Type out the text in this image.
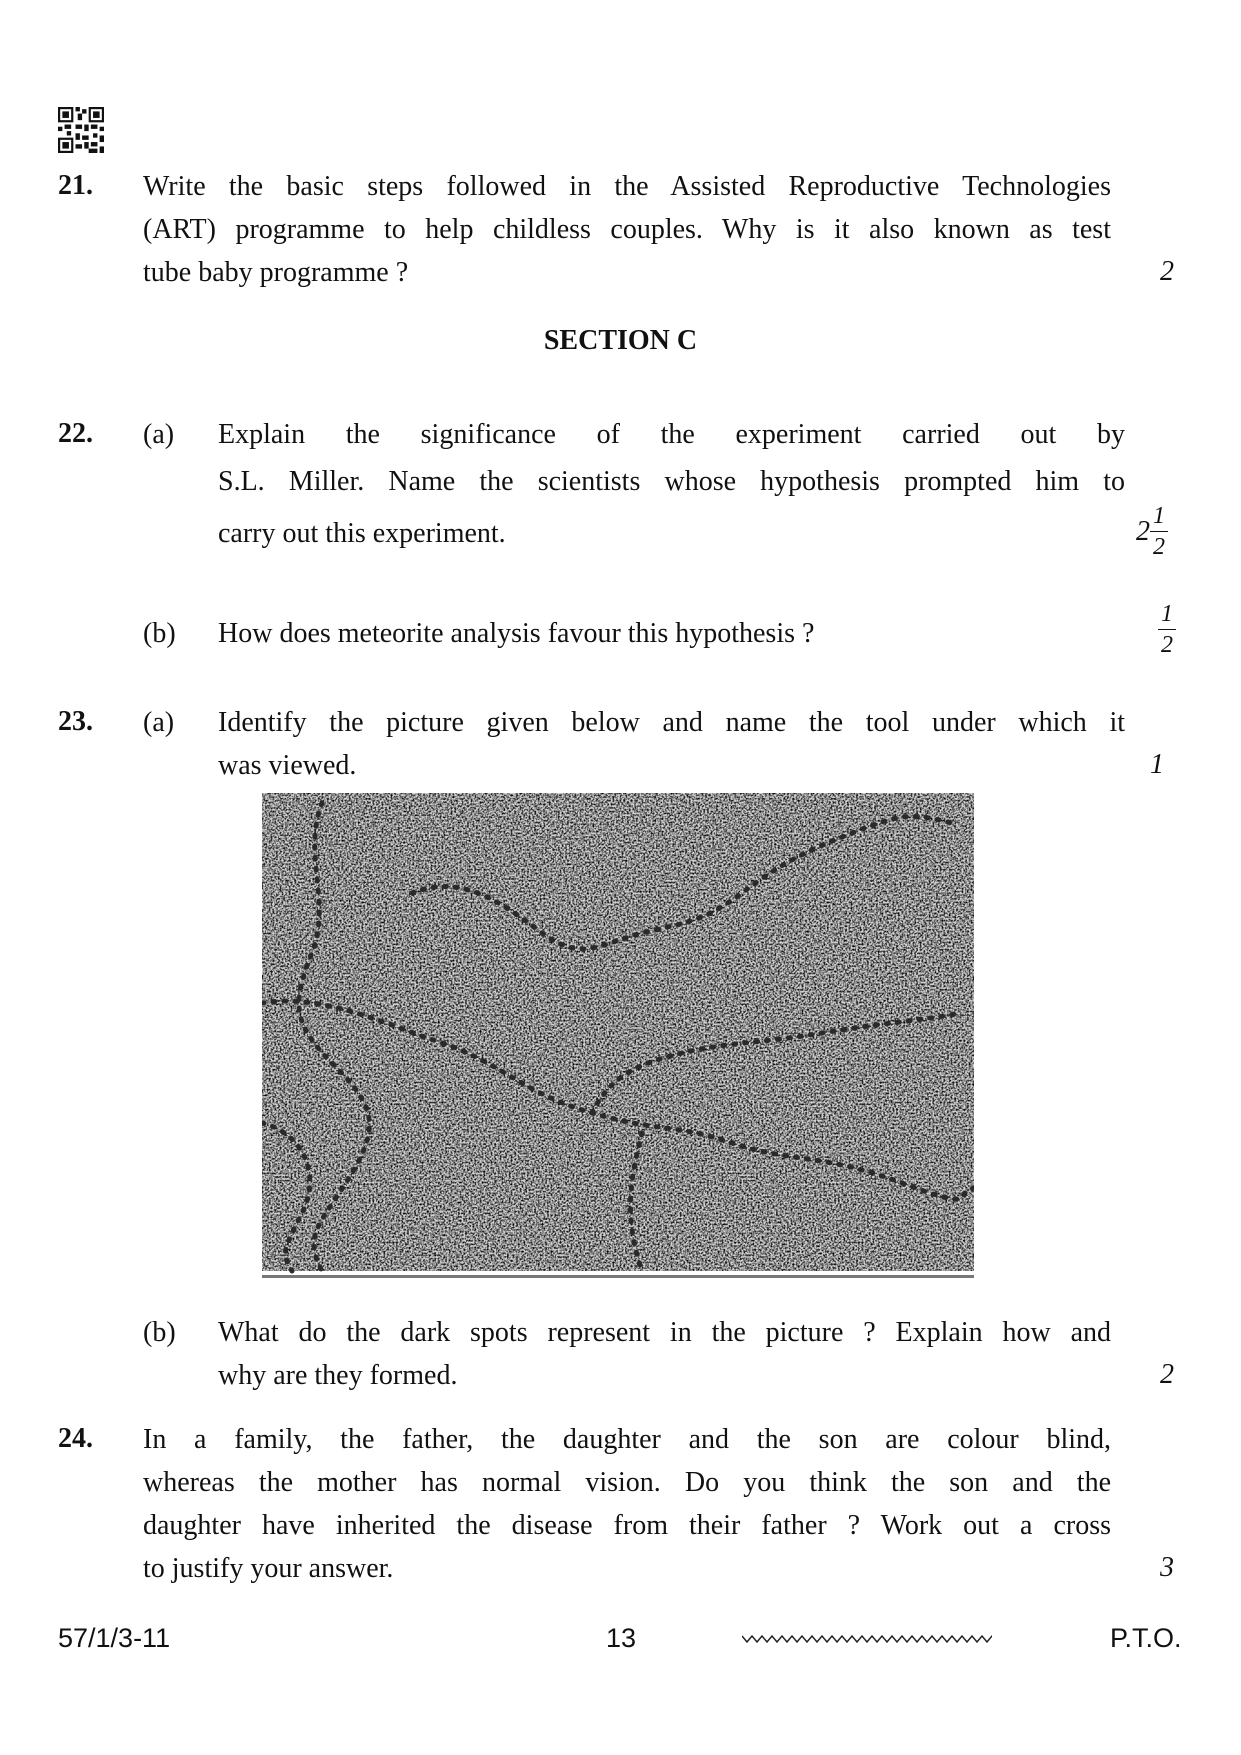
21. Write the basic steps followed in the Assisted Reproductive Technologies
(ART) programme to help childless couples. Why is it also known as test
tube baby programme ?	2
SECTION C
22. (a) Explain the significance of the experiment carried out by
S.L. Miller. Name the scientists whose hypothesis prompted him to
carry out this experiment.	$2 \frac{1}{2}$
(b) How does meteorite analysis favour this hypothesis ?	$\frac{1}{2}$
23. (a) Identify the picture given below and name the tool under which it
was viewed.	1
(b) What do the dark spots represent in the picture ? Explain how and
why are they formed.	2
24. In a family, the father, the daughter and the son are colour blind,
whereas the mother has normal vision. Do you think the son and the
daughter have inherited the disease from their father ? Work out a cross
to justify your answer.	3
57/1/3-11	13	P.T.O.
